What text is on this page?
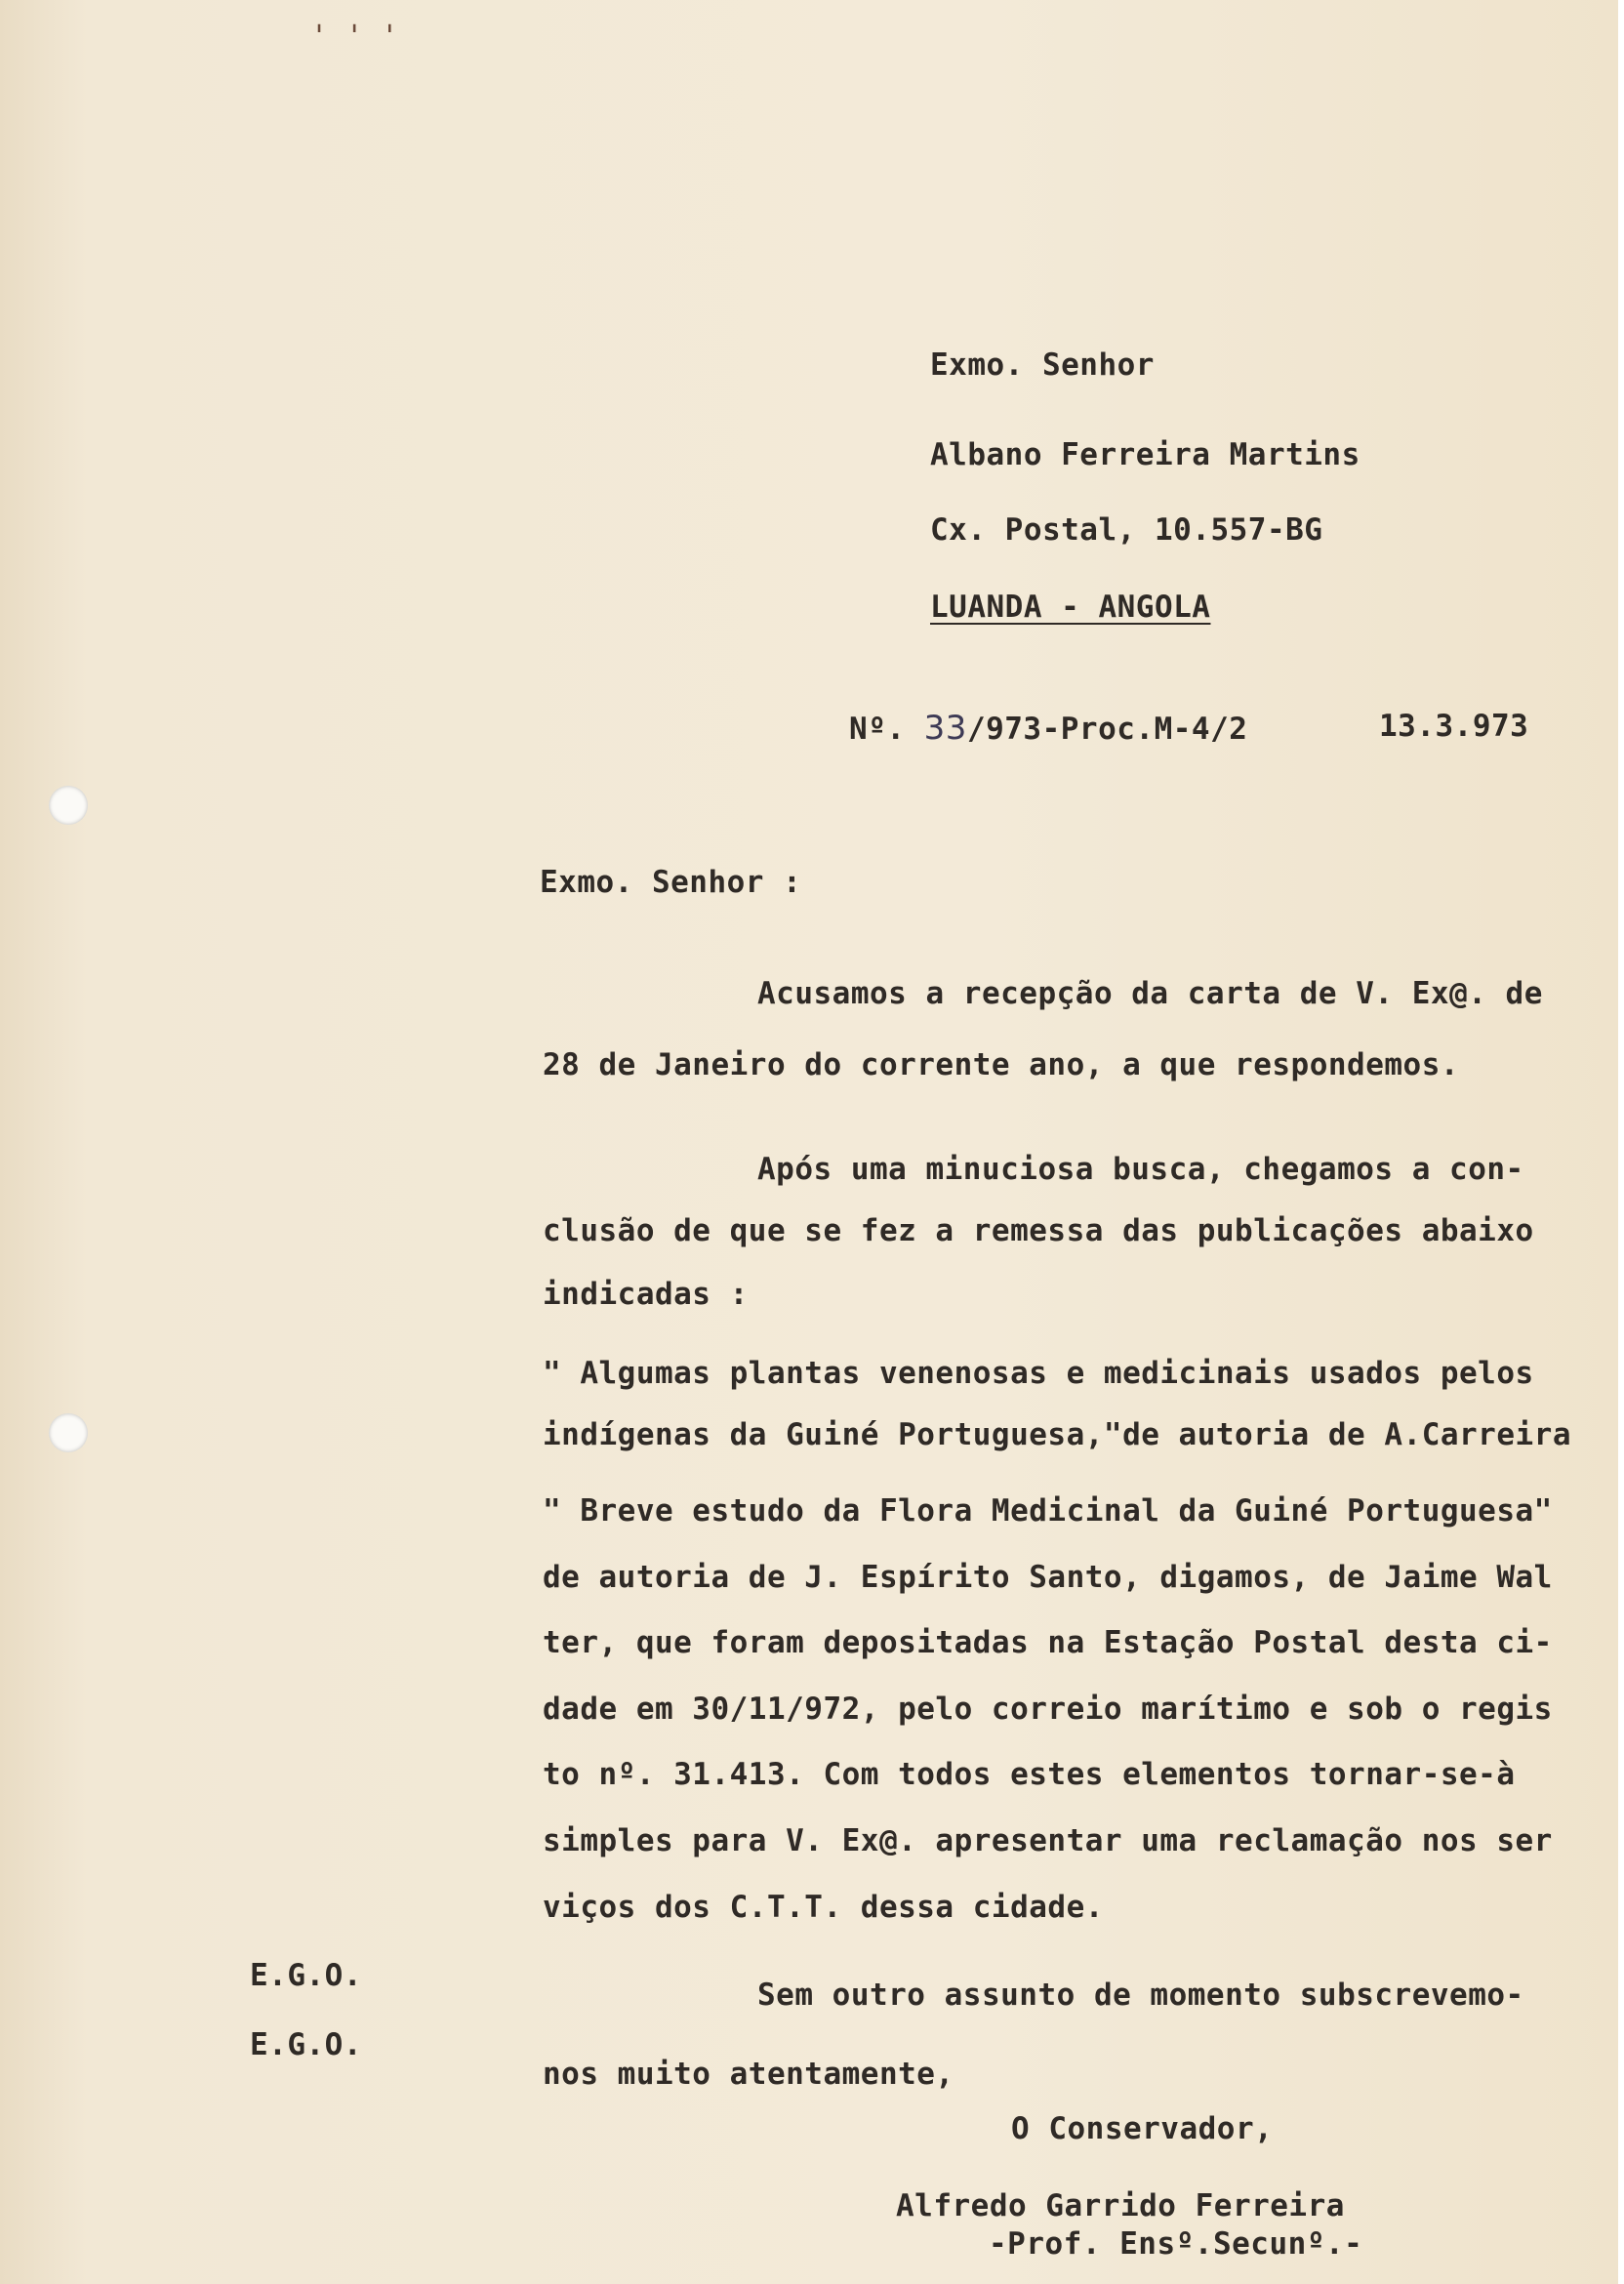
' ' '
Exmo. Senhor
Albano Ferreira Martins
Cx. Postal, 10.557-BG
LUANDA - ANGOLA
Nº. 33/973-Proc.M-4/2	13.3.973
Exmo. Senhor :
Acusamos a recepção da carta de V. Ex@. de
28 de Janeiro do corrente ano, a que respondemos.
Após uma minuciosa busca, chegamos a con-
clusão de que se fez a remessa das publicações abaixo
indicadas :
" Algumas plantas venenosas e medicinais usados pelos
indígenas da Guiné Portuguesa,"de autoria de A.Carreira
" Breve estudo da Flora Medicinal da Guiné Portuguesa"
de autoria de J. Espírito Santo, digamos, de Jaime Wal
ter, que foram depositadas na Estação Postal desta ci-
dade em 30/11/972, pelo correio marítimo e sob o regis
to nº. 31.413. Com todos estes elementos tornar-se-à
simples para V. Ex@. apresentar uma reclamação nos ser
viços dos C.T.T. dessa cidade.
E.G.O.
E.G.O.
Sem outro assunto de momento subscrevemo-
nos muito atentamente,
O Conservador,
Alfredo Garrido Ferreira
-Prof. Ensº.Secunº.-
